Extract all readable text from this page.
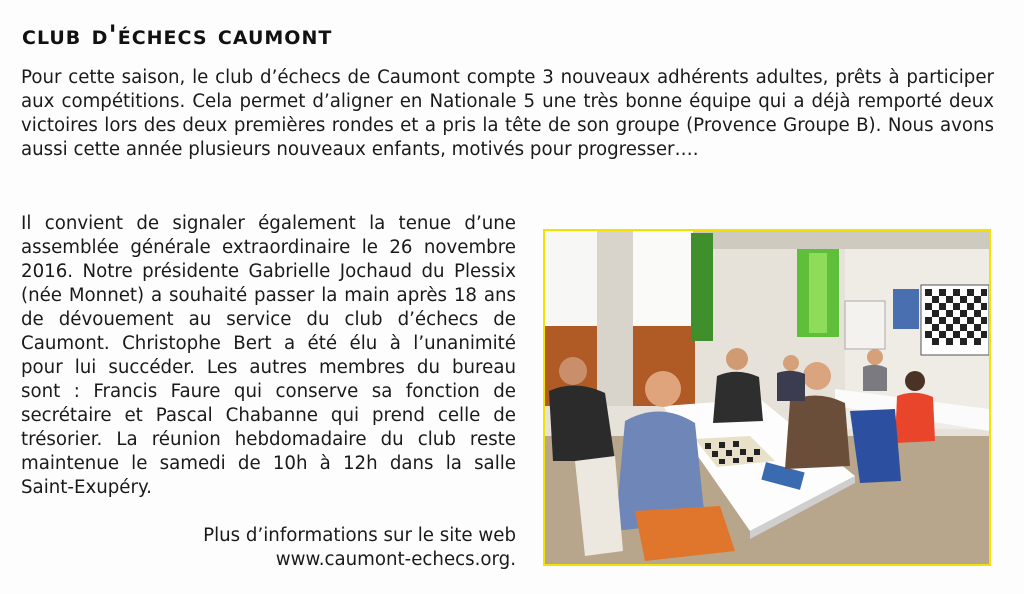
club d'échecs caumont

Pour cette saison, le club d’échecs de Caumont compte 3 nouveaux adhérents adultes, prêts à participer aux compétitions. Cela permet d’aligner en Nationale 5 une très bonne équipe qui a déjà remporté deux victoires lors des deux premières rondes et a pris la tête de son groupe (Provence Groupe B). Nous avons aussi cette année plusieurs nouveaux enfants, motivés pour progresser….

Il convient de signaler également la tenue d’une assemblée générale extraordinaire le 26 novembre 2016. Notre présidente Gabrielle Jochaud du Plessix (née Monnet) a souhaité passer la main après 18 ans de dévouement au service du club d’échecs de Caumont. Christophe Bert a été élu à l’unanimité pour lui succéder. Les autres membres du bureau sont : Francis Faure qui conserve sa fonction de secrétaire et Pascal Chabanne qui prend celle de trésorier. La réunion hebdomadaire du club reste maintenue le samedi de 10h à 12h dans la salle Saint-Exupéry.

Plus d’informations sur le site web
www.caumont-echecs.org.
